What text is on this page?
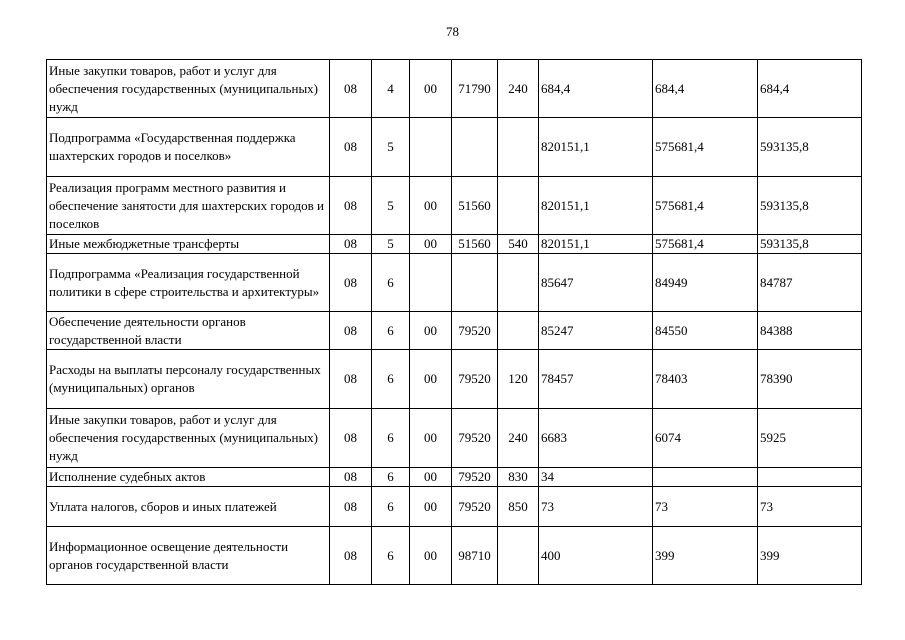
78
Иные закупки товаров, работ и услуг для обеспечения государственных (муниципальных) нужд	08	4	00	71790	240	684,4	684,4	684,4
Подпрограмма «Государственная поддержка шахтерских городов и поселков»	08	5				820151,1	575681,4	593135,8
Реализация программ местного развития и обеспечение занятости для шахтерских городов и поселков	08	5	00	51560		820151,1	575681,4	593135,8
Иные межбюджетные трансферты	08	5	00	51560	540	820151,1	575681,4	593135,8
Подпрограмма «Реализация государственной политики в сфере строительства и архитектуры»	08	6				85647	84949	84787
Обеспечение деятельности органов государственной власти	08	6	00	79520		85247	84550	84388
Расходы на выплаты персоналу государственных (муниципальных) органов	08	6	00	79520	120	78457	78403	78390
Иные закупки товаров, работ и услуг для обеспечения государственных (муниципальных) нужд	08	6	00	79520	240	6683	6074	5925
Исполнение судебных актов	08	6	00	79520	830	34		
Уплата налогов, сборов и иных платежей	08	6	00	79520	850	73	73	73
Информационное освещение деятельности органов государственной власти	08	6	00	98710		400	399	399
